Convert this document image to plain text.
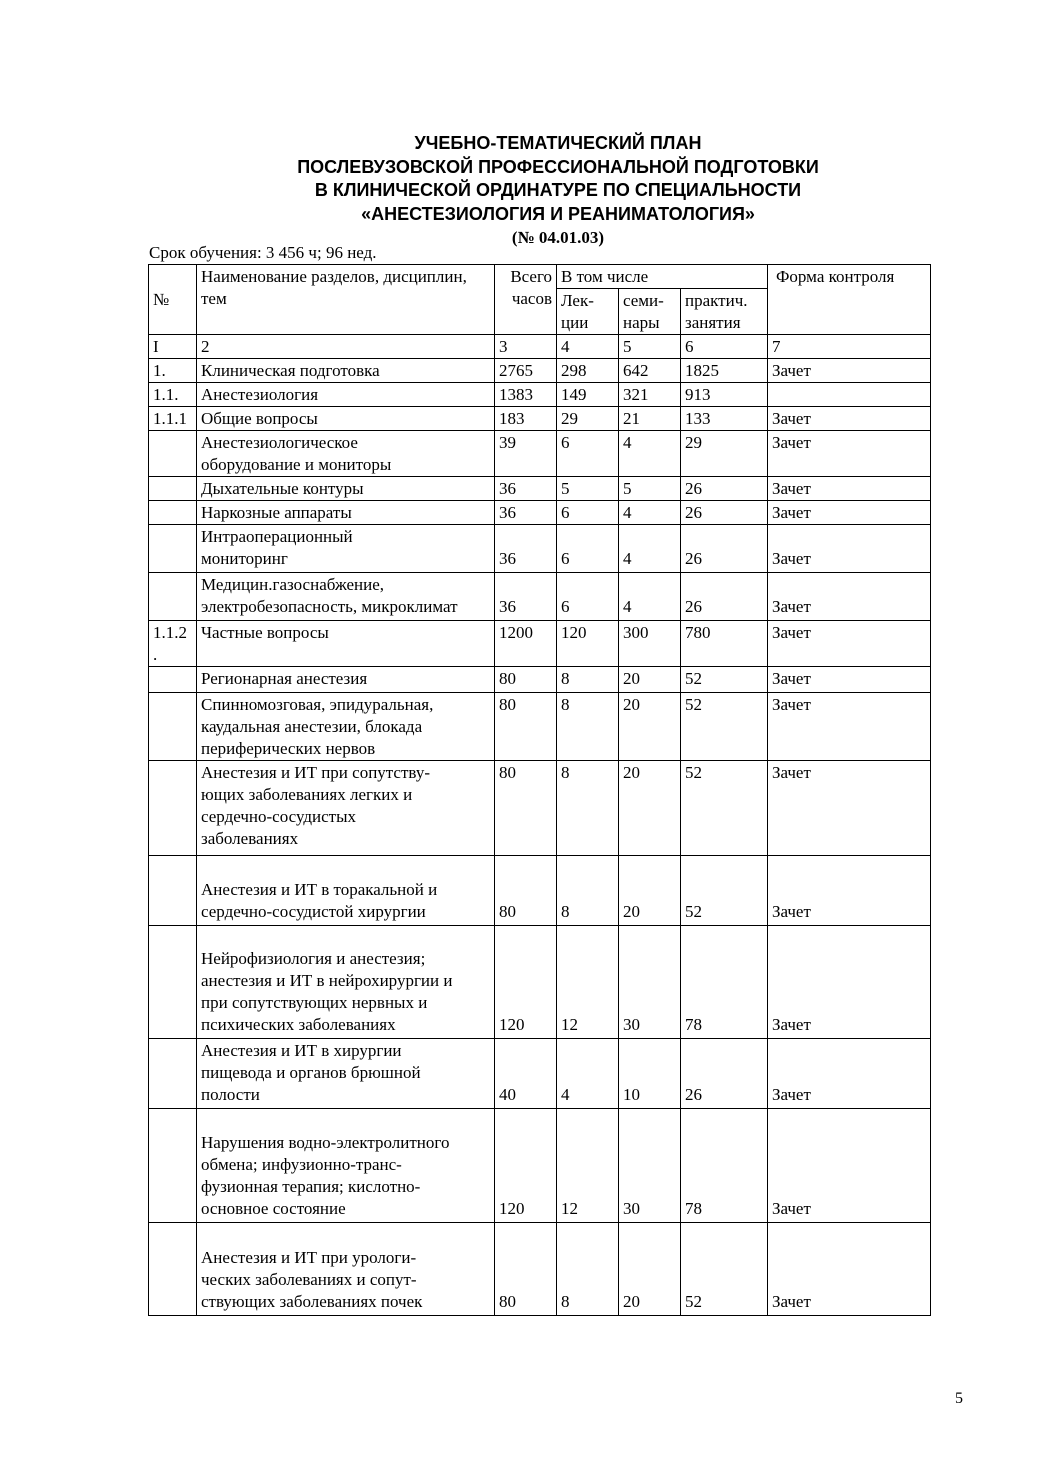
УЧЕБНО-ТЕМАТИЧЕСКИЙ ПЛАН
ПОСЛЕВУЗОВСКОЙ ПРОФЕССИОНАЛЬНОЙ ПОДГОТОВКИ
В КЛИНИЧЕСКОЙ ОРДИНАТУРЕ ПО СПЕЦИАЛЬНОСТИ
«АНЕСТЕЗИОЛОГИЯ И РЕАНИМАТОЛОГИЯ»
(№ 04.01.03)
Срок обучения: 3 456 ч; 96 нед.
№	Наименование разделов, дисциплин, тем	Всего часов	В том числе			Форма контроля
			Лек-ции	семи-нары	практич. занятия	
I	2	3	4	5	6	7
1.	Клиническая подготовка	2765	298	642	1825	Зачет
1.1.	Анестезиология	1383	149	321	913	
1.1.1	Общие вопросы	183	29	21	133	Зачет
	Анестезиологическое
оборудование и мониторы	39	6	4	29	Зачет
	Дыхательные контуры	36	5	5	26	Зачет
	Наркозные аппараты	36	6	4	26	Зачет
	Интраоперационный
мониторинг	36	6	4	26	Зачет
	Медицин.газоснабжение,
электробезопасность, микроклимат	36	6	4	26	Зачет
1.1.2
.	Частные вопросы	1200	120	300	780	Зачет
	Регионарная анестезия	80	8	20	52	Зачет
	Спинномозговая, эпидуральная,
каудальная анестезии, блокада
периферических нервов	80	8	20	52	Зачет
	Анестезия и ИТ при сопутству-
ющих заболеваниях легких и
сердечно-сосудистых
заболеваниях	80	8	20	52	Зачет
	Анестезия и ИТ в торакальной и
сердечно-сосудистой хирургии	80	8	20	52	Зачет
	Нейрофизиология и анестезия;
анестезия и ИТ в нейрохирургии и
при сопутствующих нервных и
психических заболеваниях	120	12	30	78	Зачет
	Анестезия и ИТ в хирургии
пищевода и органов брюшной
полости	40	4	10	26	Зачет
	Нарушения водно-электролитного
обмена; инфузионно-транс-
фузионная терапия; кислотно-
основное состояние	120	12	30	78	Зачет
	Анестезия и ИТ при урологи-
ческих заболеваниях и сопут-
ствующих заболеваниях почек	80	8	20	52	Зачет
5
